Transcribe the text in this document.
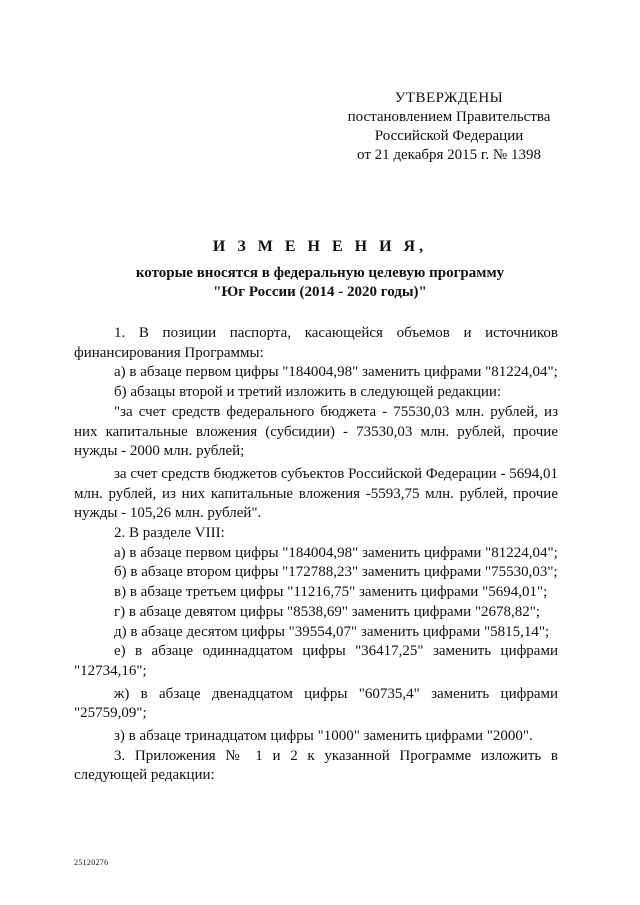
УТВЕРЖДЕНЫ
постановлением Правительства
Российской Федерации
от 21 декабря 2015 г. № 1398
И З М Е Н Е Н И Я,
которые вносятся в федеральную целевую программу
"Юг России (2014 - 2020 годы)"

1. В позиции паспорта, касающейся объемов и источников финансирования Программы:

а) в абзаце первом цифры "184004,98" заменить цифрами "81224,04";

б) абзацы второй и третий изложить в следующей редакции:

"за счет средств федерального бюджета - 75530,03 млн. рублей, из них капитальные вложения (субсидии) - 73530,03 млн. рублей, прочие нужды - 2000 млн. рублей;

за счет средств бюджетов субъектов Российской Федерации - 5694,01 млн. рублей, из них капитальные вложения -5593,75 млн. рублей, прочие нужды - 105,26 млн. рублей".

2. В разделе VIII:

а) в абзаце первом цифры "184004,98" заменить цифрами "81224,04";

б) в абзаце втором цифры "172788,23" заменить цифрами "75530,03";

в) в абзаце третьем цифры "11216,75" заменить цифрами "5694,01";

г) в абзаце девятом цифры "8538,69" заменить цифрами "2678,82";

д) в абзаце десятом цифры "39554,07" заменить цифрами "5815,14";

е) в абзаце одиннадцатом цифры "36417,25" заменить цифрами "12734,16";

ж) в абзаце двенадцатом цифры "60735,4" заменить цифрами "25759,09";

з) в абзаце тринадцатом цифры "1000" заменить цифрами "2000".

3. Приложения № 1 и 2 к указанной Программе изложить в следующей редакции:

25120276
